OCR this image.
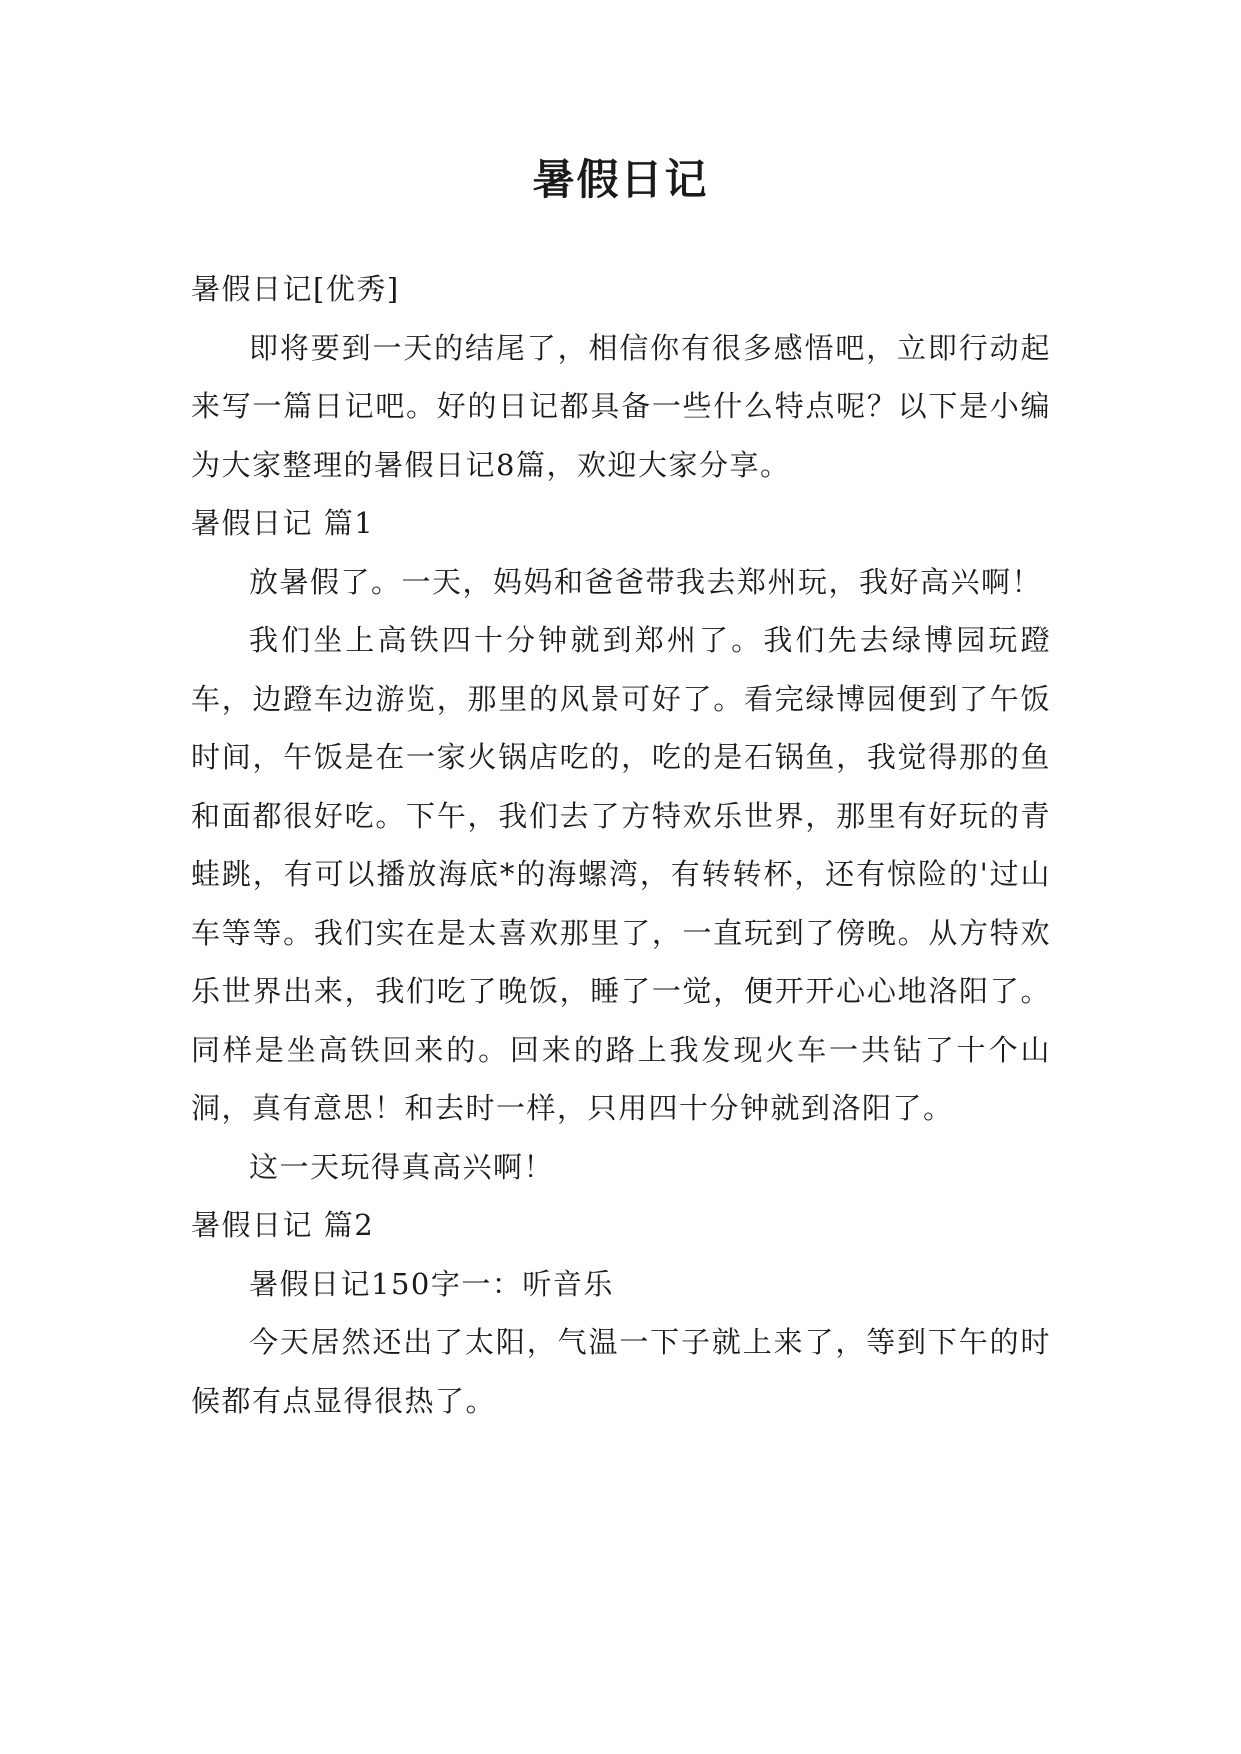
暑假日记

暑假日记[优秀]

即将要到一天的结尾了，相信你有很多感悟吧，立即行动起来写一篇日记吧。好的日记都具备一些什么特点呢？以下是小编为大家整理的暑假日记8篇，欢迎大家分享。

暑假日记 篇1

放暑假了。一天，妈妈和爸爸带我去郑州玩，我好高兴啊！

我们坐上高铁四十分钟就到郑州了。我们先去绿博园玩蹬车，边蹬车边游览，那里的风景可好了。看完绿博园便到了午饭时间，午饭是在一家火锅店吃的，吃的是石锅鱼，我觉得那的鱼和面都很好吃。下午，我们去了方特欢乐世界，那里有好玩的青蛙跳，有可以播放海底*的海螺湾，有转转杯，还有惊险的'过山车等等。我们实在是太喜欢那里了，一直玩到了傍晚。从方特欢乐世界出来，我们吃了晚饭，睡了一觉，便开开心心地洛阳了。同样是坐高铁回来的。回来的路上我发现火车一共钻了十个山洞，真有意思！和去时一样，只用四十分钟就到洛阳了。

这一天玩得真高兴啊！

暑假日记 篇2

暑假日记150字一：听音乐

今天居然还出了太阳，气温一下子就上来了，等到下午的时候都有点显得很热了。
